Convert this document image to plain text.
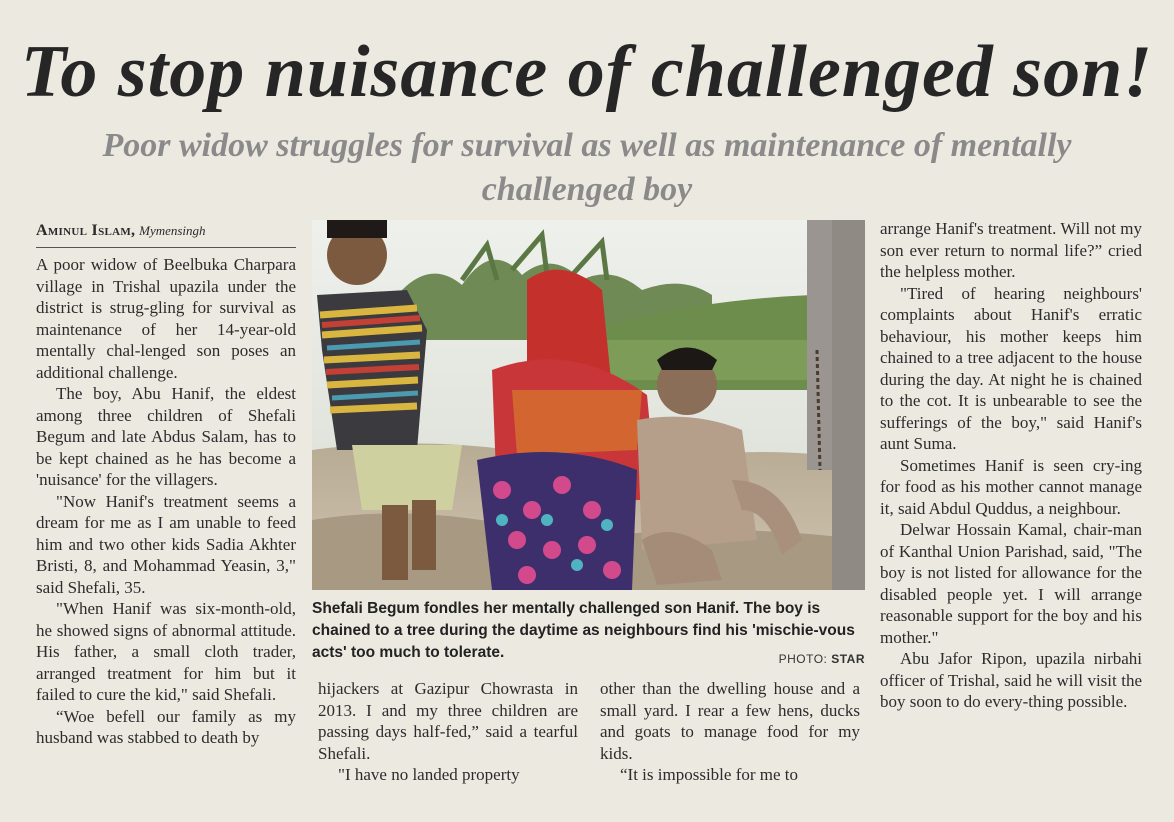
To stop nuisance of challenged son!
Poor widow struggles for survival as well as maintenance of mentally challenged boy
Aminul Islam, Mymensingh

A poor widow of Beelbuka Charpara village in Trishal upazila under the district is strug-gling for survival as maintenance of her 14-year-old mentally chal-lenged son poses an additional challenge.

The boy, Abu Hanif, the eldest among three children of Shefali Begum and late Abdus Salam, has to be kept chained as he has become a 'nuisance' for the villagers.

"Now Hanif's treatment seems a dream for me as I am unable to feed him and two other kids Sadia Akhter Bristi, 8, and Mohammad Yeasin, 3," said Shefali, 35.

"When Hanif was six-month-old, he showed signs of abnormal attitude. His father, a small cloth trader, arranged treatment for him but it failed to cure the kid," said Shefali.

“Woe befell our family as my husband was stabbed to death by

Shefali Begum fondles her mentally challenged son Hanif. The boy is chained to a tree during the daytime as neighbours find his 'mischie-vous acts' too much to tolerate.	PHOTO: STAR

hijackers at Gazipur Chowrasta in 2013. I and my three children are passing days half-fed,” said a tearful Shefali.

"I have no landed property

other than the dwelling house and a small yard. I rear a few hens, ducks and goats to manage food for my kids.

“It is impossible for me to

arrange Hanif's treatment. Will not my son ever return to normal life?” cried the helpless mother.

"Tired of hearing neighbours' complaints about Hanif's erratic behaviour, his mother keeps him chained to a tree adjacent to the house during the day. At night he is chained to the cot. It is unbearable to see the sufferings of the boy," said Hanif's aunt Suma.

Sometimes Hanif is seen cry-ing for food as his mother cannot manage it, said Abdul Quddus, a neighbour.

Delwar Hossain Kamal, chair-man of Kanthal Union Parishad, said, "The boy is not listed for allowance for the disabled people yet. I will arrange reasonable support for the boy and his mother."

Abu Jafor Ripon, upazila nirbahi officer of Trishal, said he will visit the boy soon to do every-thing possible.
